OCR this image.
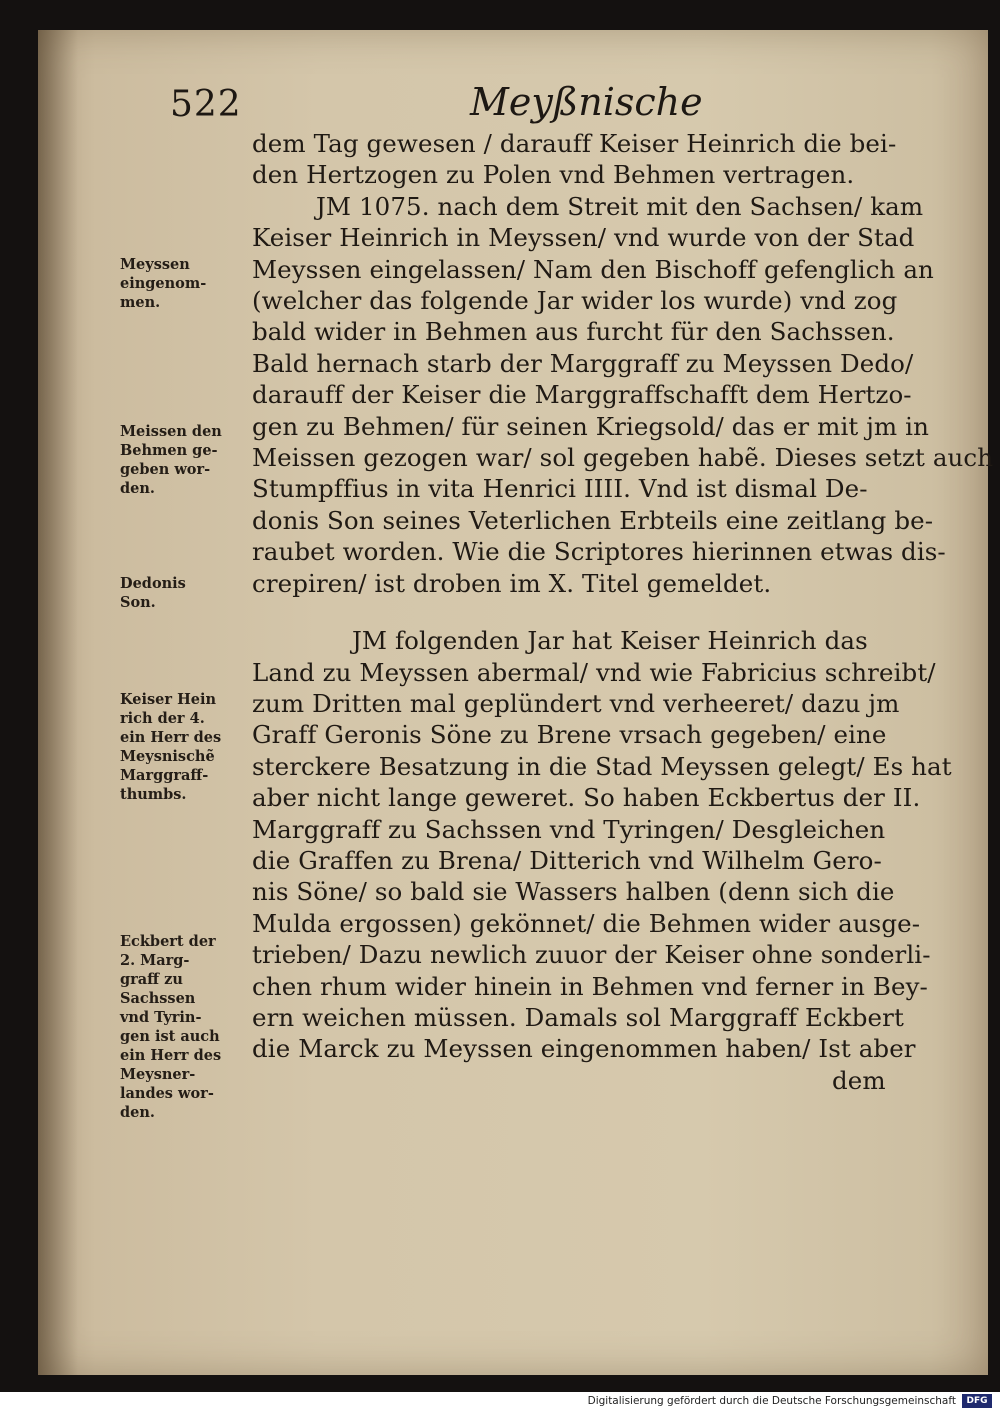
522	Meyßnische
dem Tag gewesen / darauff Keiser Heinrich die bei-
den Hertzogen zu Polen vnd Behmen vertragen.
JM 1075. nach dem Streit mit den Sachsen/ kam
Keiser Heinrich in Meyssen/ vnd wurde von der Stad
Meyssen eingelassen/ Nam den Bischoff gefenglich an
(welcher das folgende Jar wider los wurde) vnd zog
bald wider in Behmen aus furcht für den Sachssen.
Bald hernach starb der Marggraff zu Meyssen Dedo/
darauff der Keiser die Marggraffschafft dem Hertzo-
gen zu Behmen/ für seinen Kriegsold/ das er mit jm in
Meissen gezogen war/ sol gegeben habẽ. Dieses setzt auch
Stumpffius in vita Henrici IIII. Vnd ist dismal De-
donis Son seines Veterlichen Erbteils eine zeitlang be-
raubet worden. Wie die Scriptores hierinnen etwas dis-
crepiren/ ist droben im X. Titel gemeldet.
JM folgenden Jar hat Keiser Heinrich das
Land zu Meyssen abermal/ vnd wie Fabricius schreibt/
zum Dritten mal geplündert vnd verheeret/ dazu jm
Graff Geronis Söne zu Brene vrsach gegeben/ eine
sterckere Besatzung in die Stad Meyssen gelegt/ Es hat
aber nicht lange geweret. So haben Eckbertus der II.
Marggraff zu Sachssen vnd Tyringen/ Desgleichen
die Graffen zu Brena/ Ditterich vnd Wilhelm Gero-
nis Söne/ so bald sie Wassers halben (denn sich die
Mulda ergossen) gekönnet/ die Behmen wider ausge-
trieben/ Dazu newlich zuuor der Keiser ohne sonderli-
chen rhum wider hinein in Behmen vnd ferner in Bey-
ern weichen müssen. Damals sol Marggraff Eckbert
die Marck zu Meyssen eingenommen haben/ Ist aber
dem
Meyssen
eingenom-
men.
Meissen den
Behmen ge-
geben wor-
den.
Dedonis
Son.
Keiser Hein
rich der 4.
ein Herr des
Meysnischẽ
Marggraff-
thumbs.
Eckbert der
2. Marg-
graff zu
Sachssen
vnd Tyrin-
gen ist auch
ein Herr des
Meysner-
landes wor-
den.
Digitalisierung gefördert durch die Deutsche Forschungsgemeinschaft	DFG
